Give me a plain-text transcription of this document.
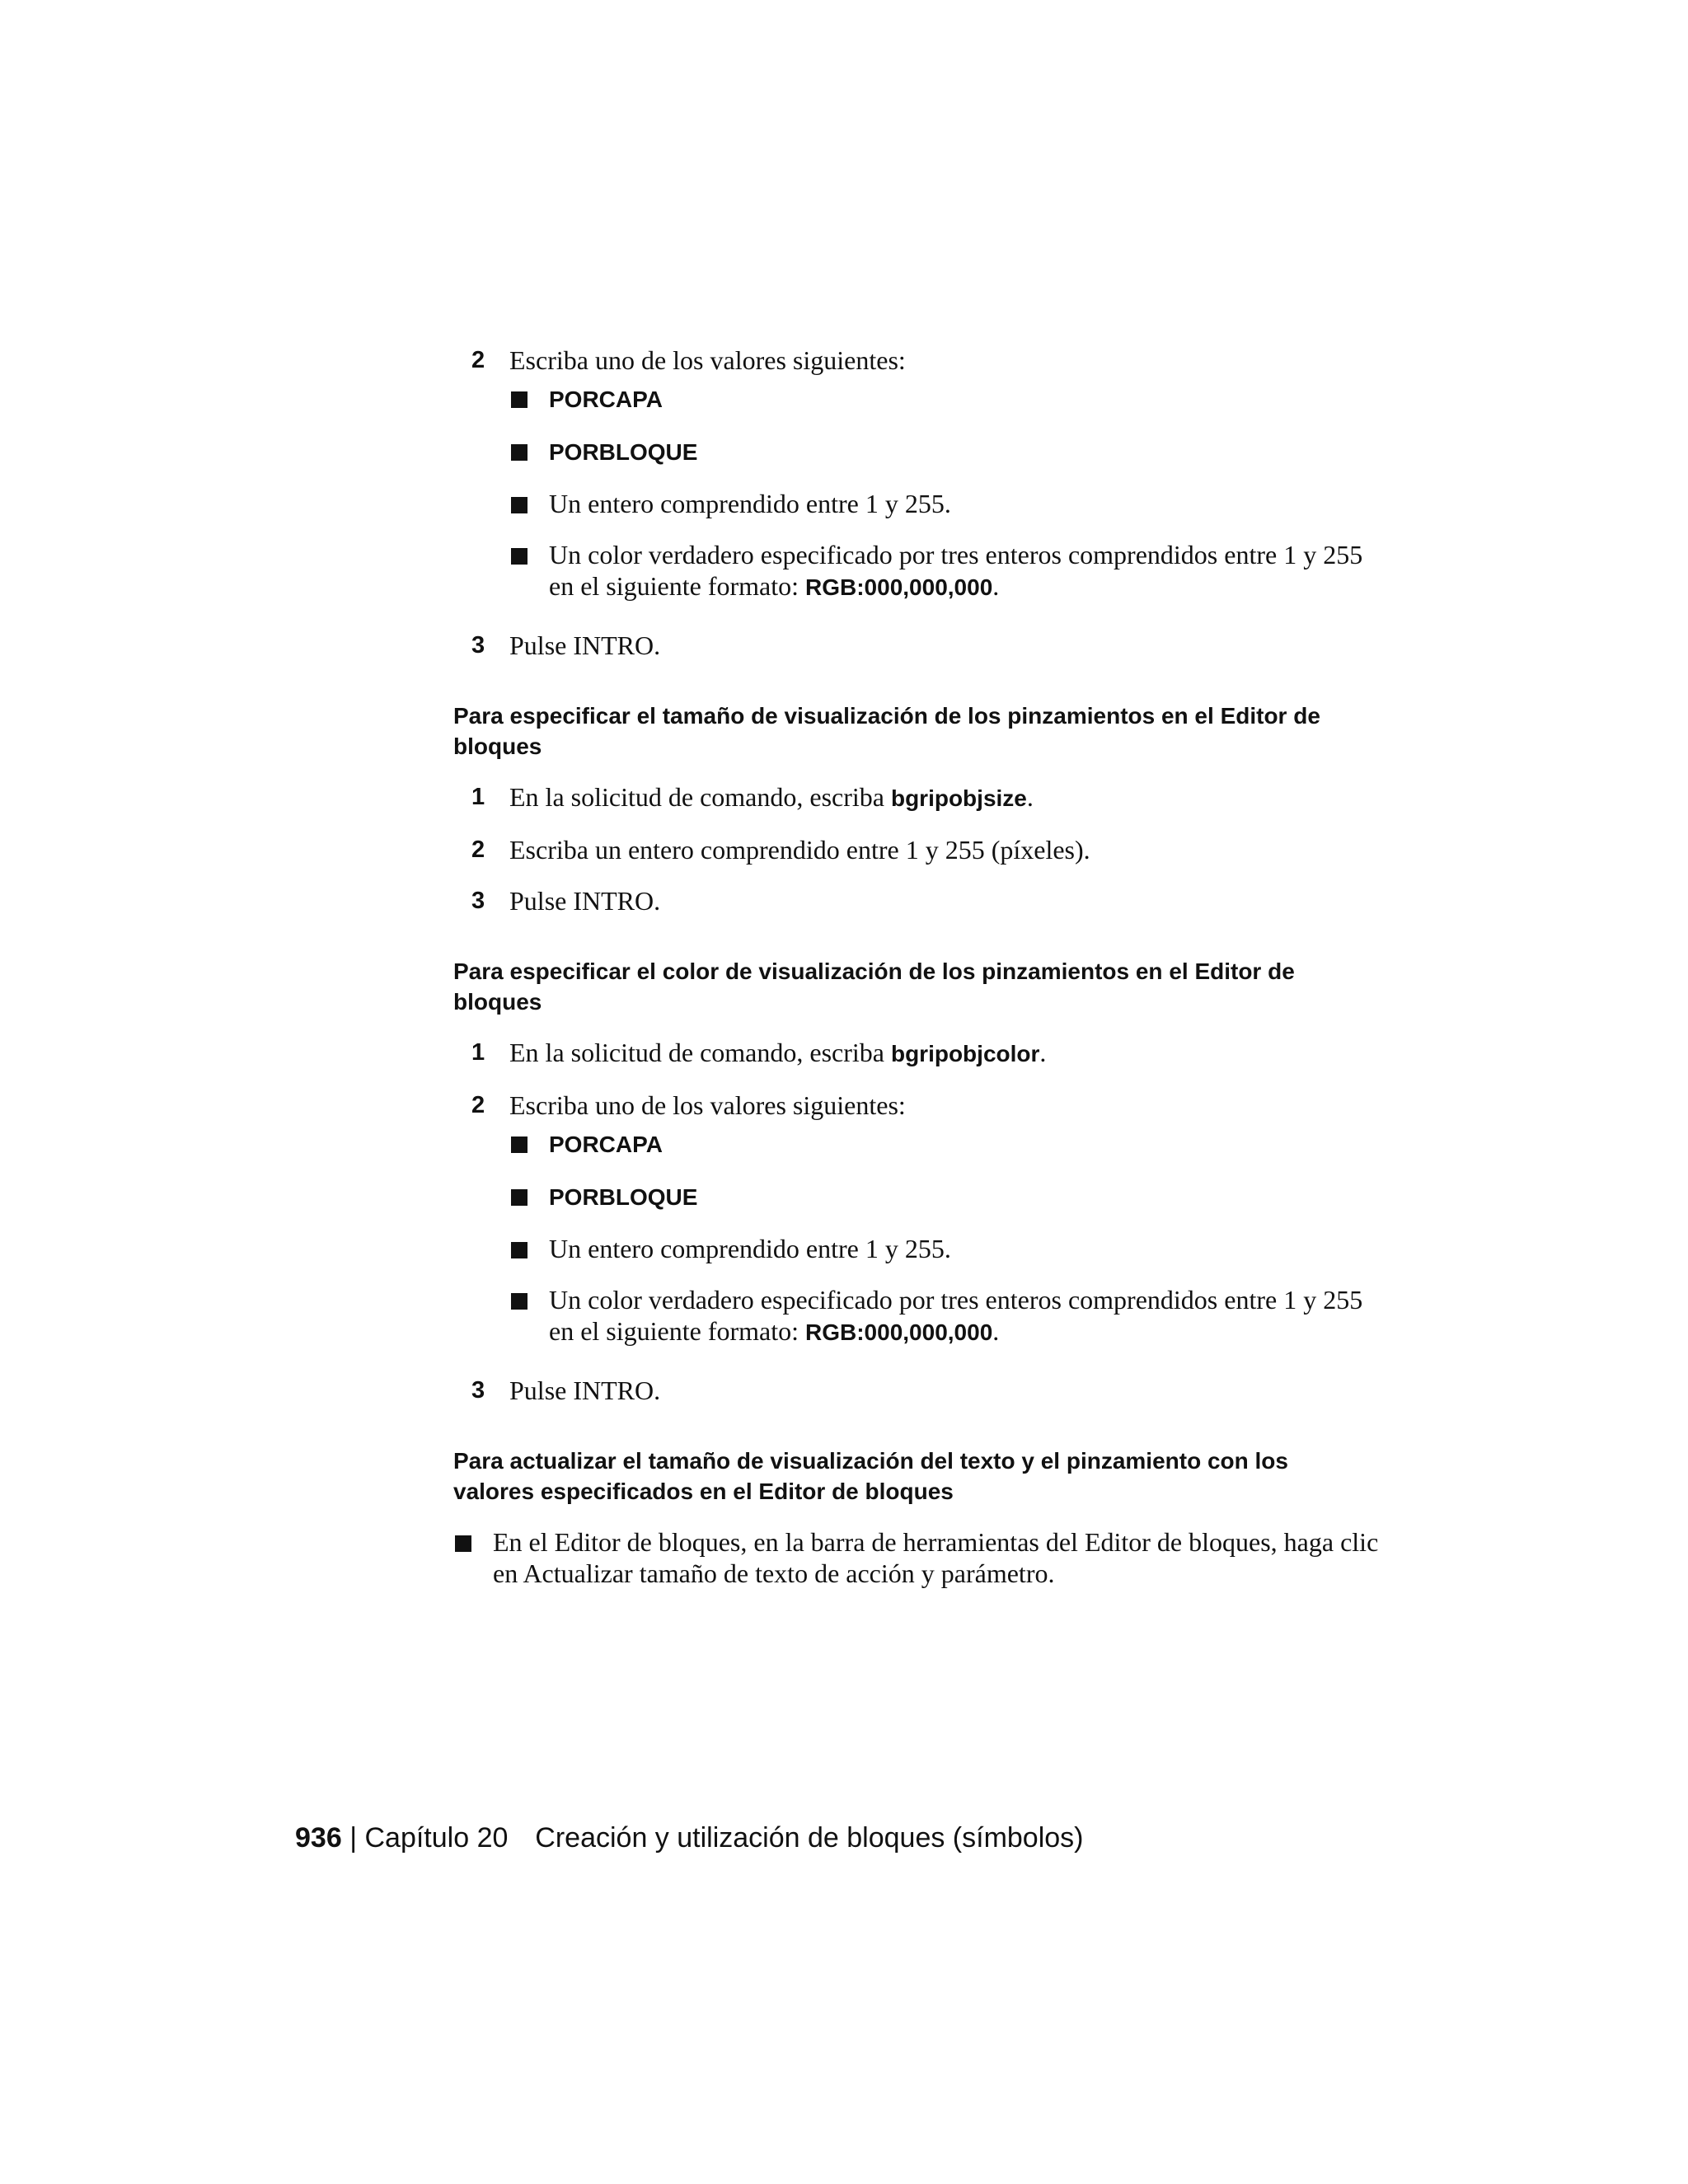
2 Escriba uno de los valores siguientes:
PORCAPA
PORBLOQUE
Un entero comprendido entre 1 y 255.
Un color verdadero especificado por tres enteros comprendidos entre 1 y 255 en el siguiente formato: RGB:000,000,000.
3 Pulse INTRO.
Para especificar el tamaño de visualización de los pinzamientos en el Editor de bloques
1 En la solicitud de comando, escriba bgripobjsize.
2 Escriba un entero comprendido entre 1 y 255 (píxeles).
3 Pulse INTRO.
Para especificar el color de visualización de los pinzamientos en el Editor de bloques
1 En la solicitud de comando, escriba bgripobjcolor.
2 Escriba uno de los valores siguientes:
PORCAPA
PORBLOQUE
Un entero comprendido entre 1 y 255.
Un color verdadero especificado por tres enteros comprendidos entre 1 y 255 en el siguiente formato: RGB:000,000,000.
3 Pulse INTRO.
Para actualizar el tamaño de visualización del texto y el pinzamiento con los valores especificados en el Editor de bloques
En el Editor de bloques, en la barra de herramientas del Editor de bloques, haga clic en Actualizar tamaño de texto de acción y parámetro.
936 | Capítulo 20 Creación y utilización de bloques (símbolos)
